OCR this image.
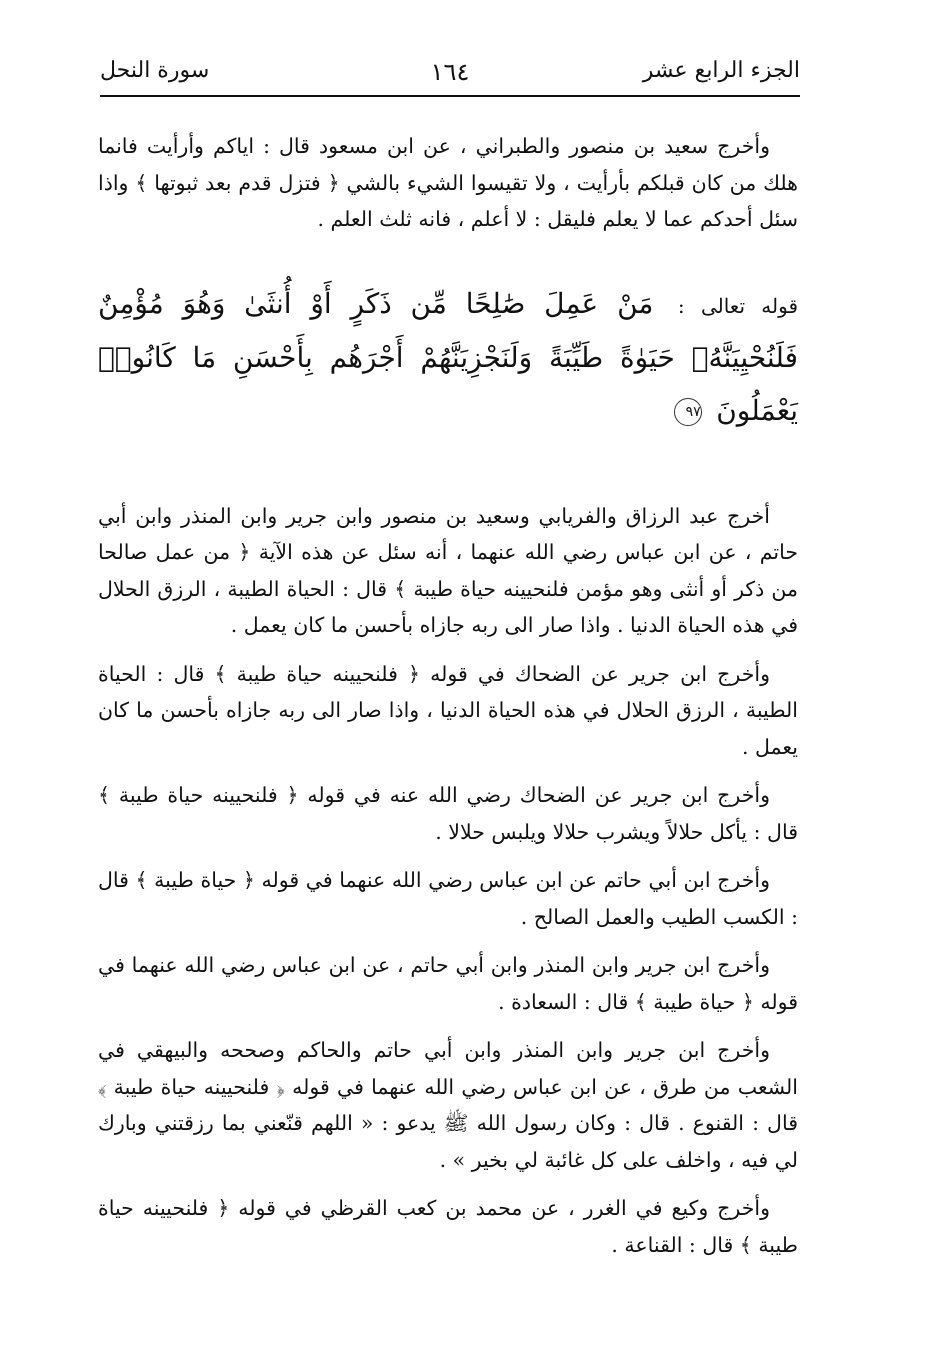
الجزء الرابع عشر
١٦٤
سورة النحل

وأخرج سعيد بن منصور والطبراني ، عن ابن مسعود قال : اياكم وأرأيت فانما هلك من كان قبلكم بأرأيت ، ولا تقيسوا الشيء بالشي ﴿ فتزل قدم بعد ثبوتها ﴾ واذا سئل أحدكم عما لا يعلم فليقل : لا أعلم ، فانه ثلث العلم .

قوله تعالى : مَنْ عَمِلَ صَٰلِحًا مِّن ذَكَرٍ أَوْ أُنثَىٰ وَهُوَ مُؤْمِنٌ فَلَنُحْيِيَنَّهُۥ حَيَوٰةً طَيِّبَةً وَلَنَجْزِيَنَّهُمْ أَجْرَهُم بِأَحْسَنِ مَا كَانُوا۟ يَعْمَلُونَ ٩٧

أخرج عبد الرزاق والفريابي وسعيد بن منصور وابن جرير وابن المنذر وابن أبي حاتم ، عن ابن عباس رضي الله عنهما ، أنه سئل عن هذه الآية ﴿ من عمل صالحا من ذكر أو أنثى وهو مؤمن فلنحيينه حياة طيبة ﴾ قال : الحياة الطيبة ، الرزق الحلال في هذه الحياة الدنيا . واذا صار الى ربه جازاه بأحسن ما كان يعمل .

وأخرج ابن جرير عن الضحاك في قوله ﴿ فلنحيينه حياة طيبة ﴾ قال : الحياة الطيبة ، الرزق الحلال في هذه الحياة الدنيا ، واذا صار الى ربه جازاه بأحسن ما كان يعمل .

وأخرج ابن جرير عن الضحاك رضي الله عنه في قوله ﴿ فلنحيينه حياة طيبة ﴾ قال : يأكل حلالاً ويشرب حلالا ويلبس حلالا .

وأخرج ابن أبي حاتم عن ابن عباس رضي الله عنهما في قوله ﴿ حياة طيبة ﴾ قال : الكسب الطيب والعمل الصالح .

وأخرج ابن جرير وابن المنذر وابن أبي حاتم ، عن ابن عباس رضي الله عنهما في قوله ﴿ حياة طيبة ﴾ قال : السعادة .

وأخرج ابن جرير وابن المنذر وابن أبي حاتم والحاكم وصححه والبيهقي في الشعب من طرق ، عن ابن عباس رضي الله عنهما في قوله ﴿ فلنحيينه حياة طيبة ﴾ قال : القنوع . قال : وكان رسول الله ﷺ يدعو : « اللهم قنّعني بما رزقتني وبارك لي فيه ، واخلف على كل غائبة لي بخير » .

وأخرج وكيع في الغرر ، عن محمد بن كعب القرظي في قوله ﴿ فلنحيينه حياة طيبة ﴾ قال : القناعة .
